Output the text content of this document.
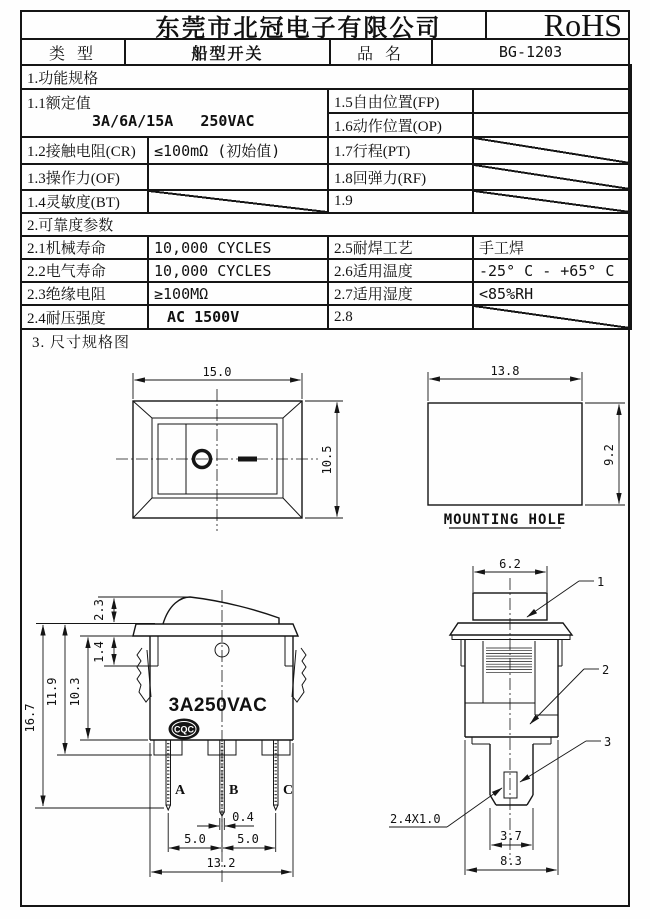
东莞市北冠电子有限公司	RoHS
类 型	船型开关	品 名	BG-1203
1.功能规格			

1.1额定值
3A/6A/15A   250VAC		1.5自由位置(FP)	
		1.6动作位置(OP)	
1.2接触电阻(CR)	≤100mΩ (初始值)	1.7行程(PT)	
1.3操作力(OF)		1.8回弹力(RF)	
1.4灵敏度(BT)		1.9	
2.可靠度参数			
2.1机械寿命	10,000 CYCLES	2.5耐焊工艺	手工焊
2.2电气寿命	10,000 CYCLES	2.6适用温度	-25° C - +65° C
2.3绝缘电阻	≥100MΩ	2.7适用湿度	<85%RH
2.4耐压强度	AC 1500V	2.8	
3. 尺寸规格图
15.0
10.5
13.8
9.2
MOUNTING HOLE
3A250VAC
CQC
A	B	C
2.3
1.4
10.3
11.9
16.7
0.4
5.0	5.0
13.2
6.2
1
2
3
2.4X1.0
3.7
8.3
